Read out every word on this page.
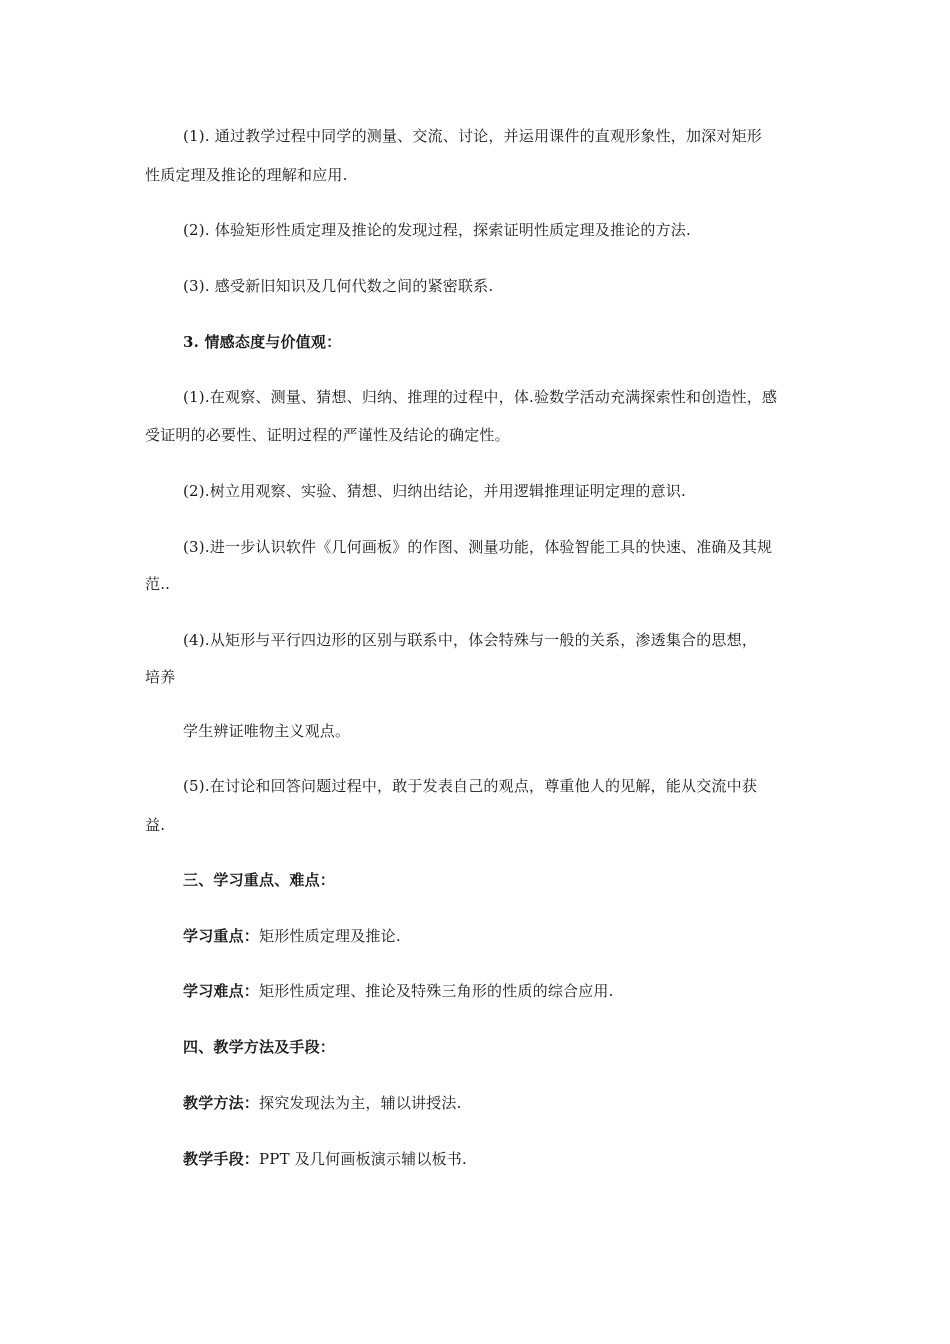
(1). 通过教学过程中同学的测量、交流、讨论，并运用课件的直观形象性，加深对矩形
性质定理及推论的理解和应用.
(2). 体验矩形性质定理及推论的发现过程，探索证明性质定理及推论的方法.
(3). 感受新旧知识及几何代数之间的紧密联系.
3. 情感态度与价值观：
(1).在观察、测量、猜想、归纳、推理的过程中，体.验数学活动充满探索性和创造性，感
受证明的必要性、证明过程的严谨性及结论的确定性。
(2).树立用观察、实验、猜想、归纳出结论，并用逻辑推理证明定理的意识.
(3).进一步认识软件《几何画板》的作图、测量功能，体验智能工具的快速、准确及其规
范..
(4).从矩形与平行四边形的区别与联系中，体会特殊与一般的关系，渗透集合的思想，
培养
学生辨证唯物主义观点。
(5).在讨论和回答问题过程中，敢于发表自己的观点，尊重他人的见解，能从交流中获
益.
三、学习重点、难点：
学习重点：矩形性质定理及推论.
学习难点：矩形性质定理、推论及特殊三角形的性质的综合应用.
四、教学方法及手段：
教学方法：探究发现法为主，辅以讲授法.
教学手段：PPT 及几何画板演示辅以板书.
